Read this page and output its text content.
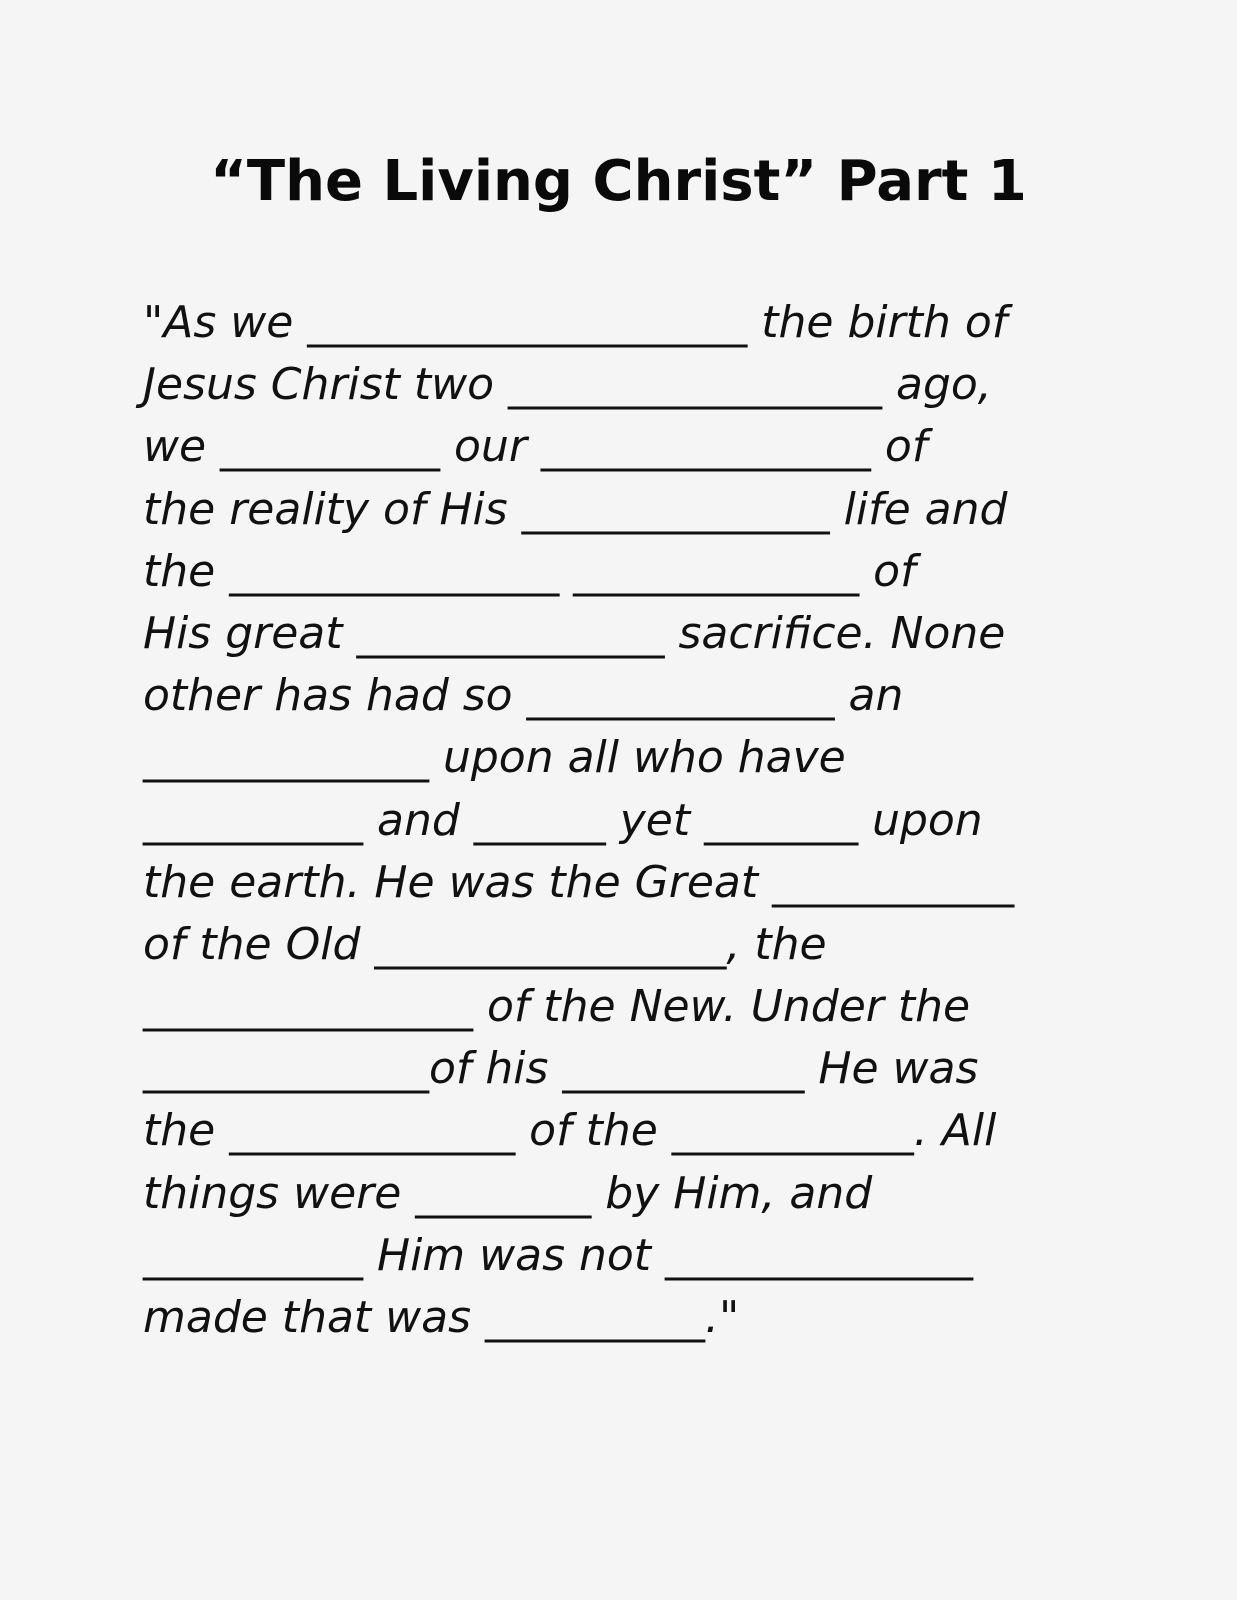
“The Living Christ” Part 1
"As we ____________________ the birth of
Jesus Christ two _________________ ago,
we __________ our _______________ of
the reality of His ______________ life and
the _______________ _____________ of
His great ______________ sacrifice. None
other has had so ______________ an
_____________ upon all who have
__________ and ______ yet _______ upon
the earth. He was the Great ___________
of the Old ________________, the
_______________ of the New. Under the
_____________of his ___________ He was
the _____________ of the ___________. All
things were ________ by Him, and
__________ Him was not ______________
made that was __________."
